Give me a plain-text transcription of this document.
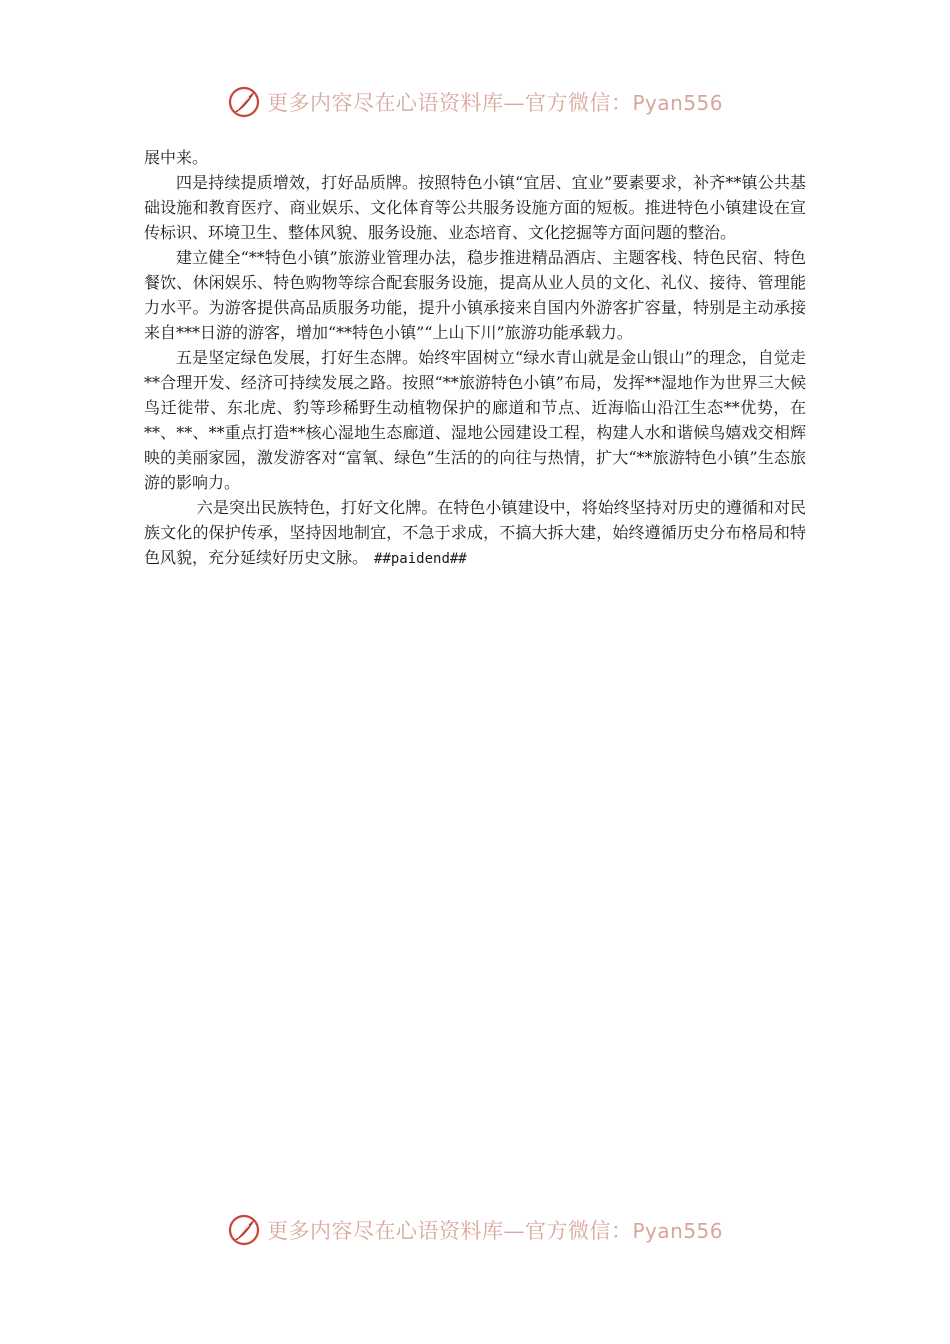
更多内容尽在心语资料库—官方微信：Pyan556

展中来。

四是持续提质增效，打好品质牌。按照特色小镇“宜居、宜业”要素要求，补齐**镇公共基础设施和教育医疗、商业娱乐、文化体育等公共服务设施方面的短板。推进特色小镇建设在宣传标识、环境卫生、整体风貌、服务设施、业态培育、文化挖掘等方面问题的整治。

建立健全“**特色小镇”旅游业管理办法，稳步推进精品酒店、主题客栈、特色民宿、特色餐饮、休闲娱乐、特色购物等综合配套服务设施，提高从业人员的文化、礼仪、接待、管理能力水平。为游客提供高品质服务功能，提升小镇承接来自国内外游客扩容量，特别是主动承接来自***日游的游客，增加“**特色小镇”“上山下川”旅游功能承载力。

五是坚定绿色发展，打好生态牌。始终牢固树立“绿水青山就是金山银山”的理念，自觉走**合理开发、经济可持续发展之路。按照“**旅游特色小镇”布局，发挥**湿地作为世界三大候鸟迁徙带、东北虎、豹等珍稀野生动植物保护的廊道和节点、近海临山沿江生态**优势，在**、**、**重点打造**核心湿地生态廊道、湿地公园建设工程，构建人水和谐候鸟嬉戏交相辉映的美丽家园，激发游客对“富氧、绿色”生活的的向往与热情，扩大“**旅游特色小镇”生态旅游的影响力。

六是突出民族特色，打好文化牌。在特色小镇建设中，将始终坚持对历史的遵循和对民族文化的保护传承，坚持因地制宜，不急于求成，不搞大拆大建，始终遵循历史分布格局和特色风貌，充分延续好历史文脉。 ##paidend##

更多内容尽在心语资料库—官方微信：Pyan556
